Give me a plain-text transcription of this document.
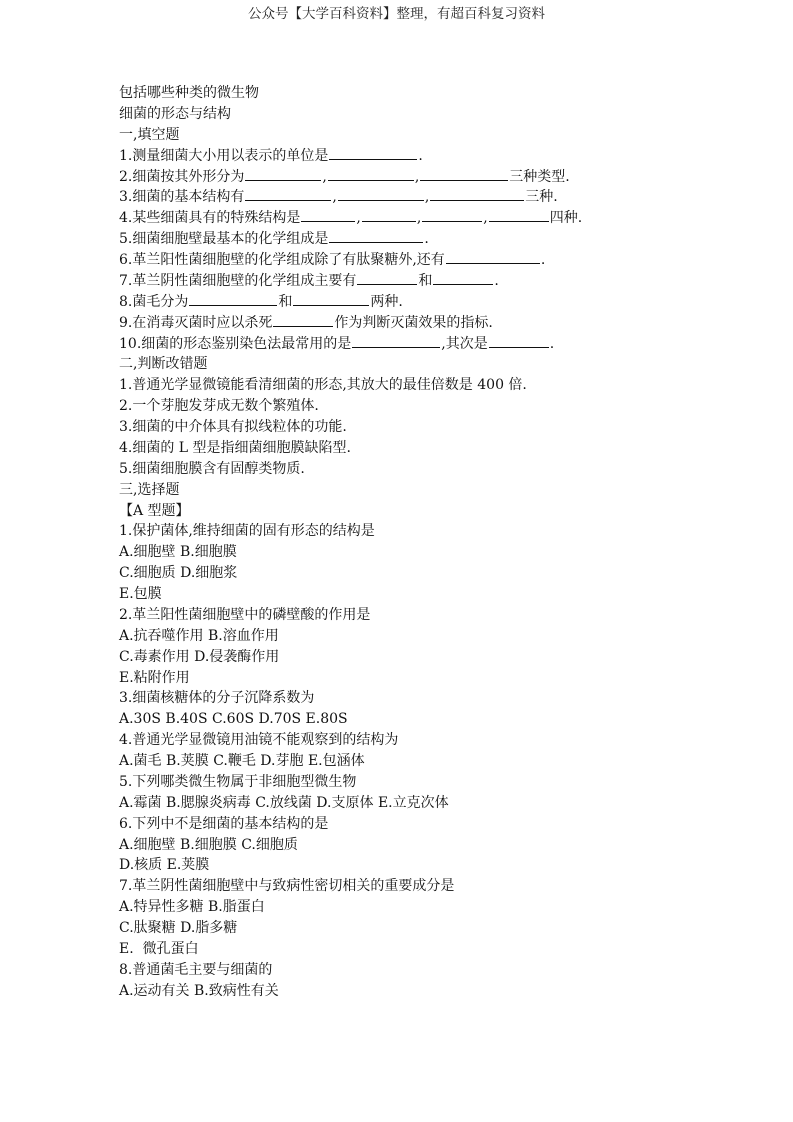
公众号【大学百科资料】整理，有超百科复习资料
包括哪些种类的微生物
细菌的形态与结构
一,填空题
1.测量细菌大小用以表示的单位是	.
2.细菌按其外形分为	,	,	三种类型.
3.细菌的基本结构有	,	,	三种.
4.某些细菌具有的特殊结构是	,	,	,	四种.
5.细菌细胞壁最基本的化学组成是	.
6.革兰阳性菌细胞壁的化学组成除了有肽聚糖外,还有	.
7.革兰阴性菌细胞壁的化学组成主要有	和	.
8.菌毛分为	和	两种.
9.在消毒灭菌时应以杀死	作为判断灭菌效果的指标.
10.细菌的形态鉴别染色法最常用的是	,其次是	.
二,判断改错题
1.普通光学显微镜能看清细菌的形态,其放大的最佳倍数是 400 倍.
2.一个芽胞发芽成无数个繁殖体.
3.细菌的中介体具有拟线粒体的功能.
4.细菌的 L 型是指细菌细胞膜缺陷型.
5.细菌细胞膜含有固醇类物质.
三,选择题
【A 型题】
1.保护菌体,维持细菌的固有形态的结构是
A.细胞壁 B.细胞膜
C.细胞质 D.细胞浆
E.包膜
2.革兰阳性菌细胞壁中的磷壁酸的作用是
A.抗吞噬作用 B.溶血作用
C.毒素作用 D.侵袭酶作用
E.粘附作用
3.细菌核糖体的分子沉降系数为
A.30S B.40S C.60S D.70S E.80S
4.普通光学显微镜用油镜不能观察到的结构为
A.菌毛 B.荚膜 C.鞭毛 D.芽胞 E.包涵体
5.下列哪类微生物属于非细胞型微生物
A.霉菌 B.腮腺炎病毒 C.放线菌 D.支原体 E.立克次体
6.下列中不是细菌的基本结构的是
A.细胞壁 B.细胞膜 C.细胞质
D.核质 E.荚膜
7.革兰阴性菌细胞壁中与致病性密切相关的重要成分是
A.特异性多糖 B.脂蛋白
C.肽聚糖 D.脂多糖
E.  微孔蛋白
8.普通菌毛主要与细菌的
A.运动有关 B.致病性有关
